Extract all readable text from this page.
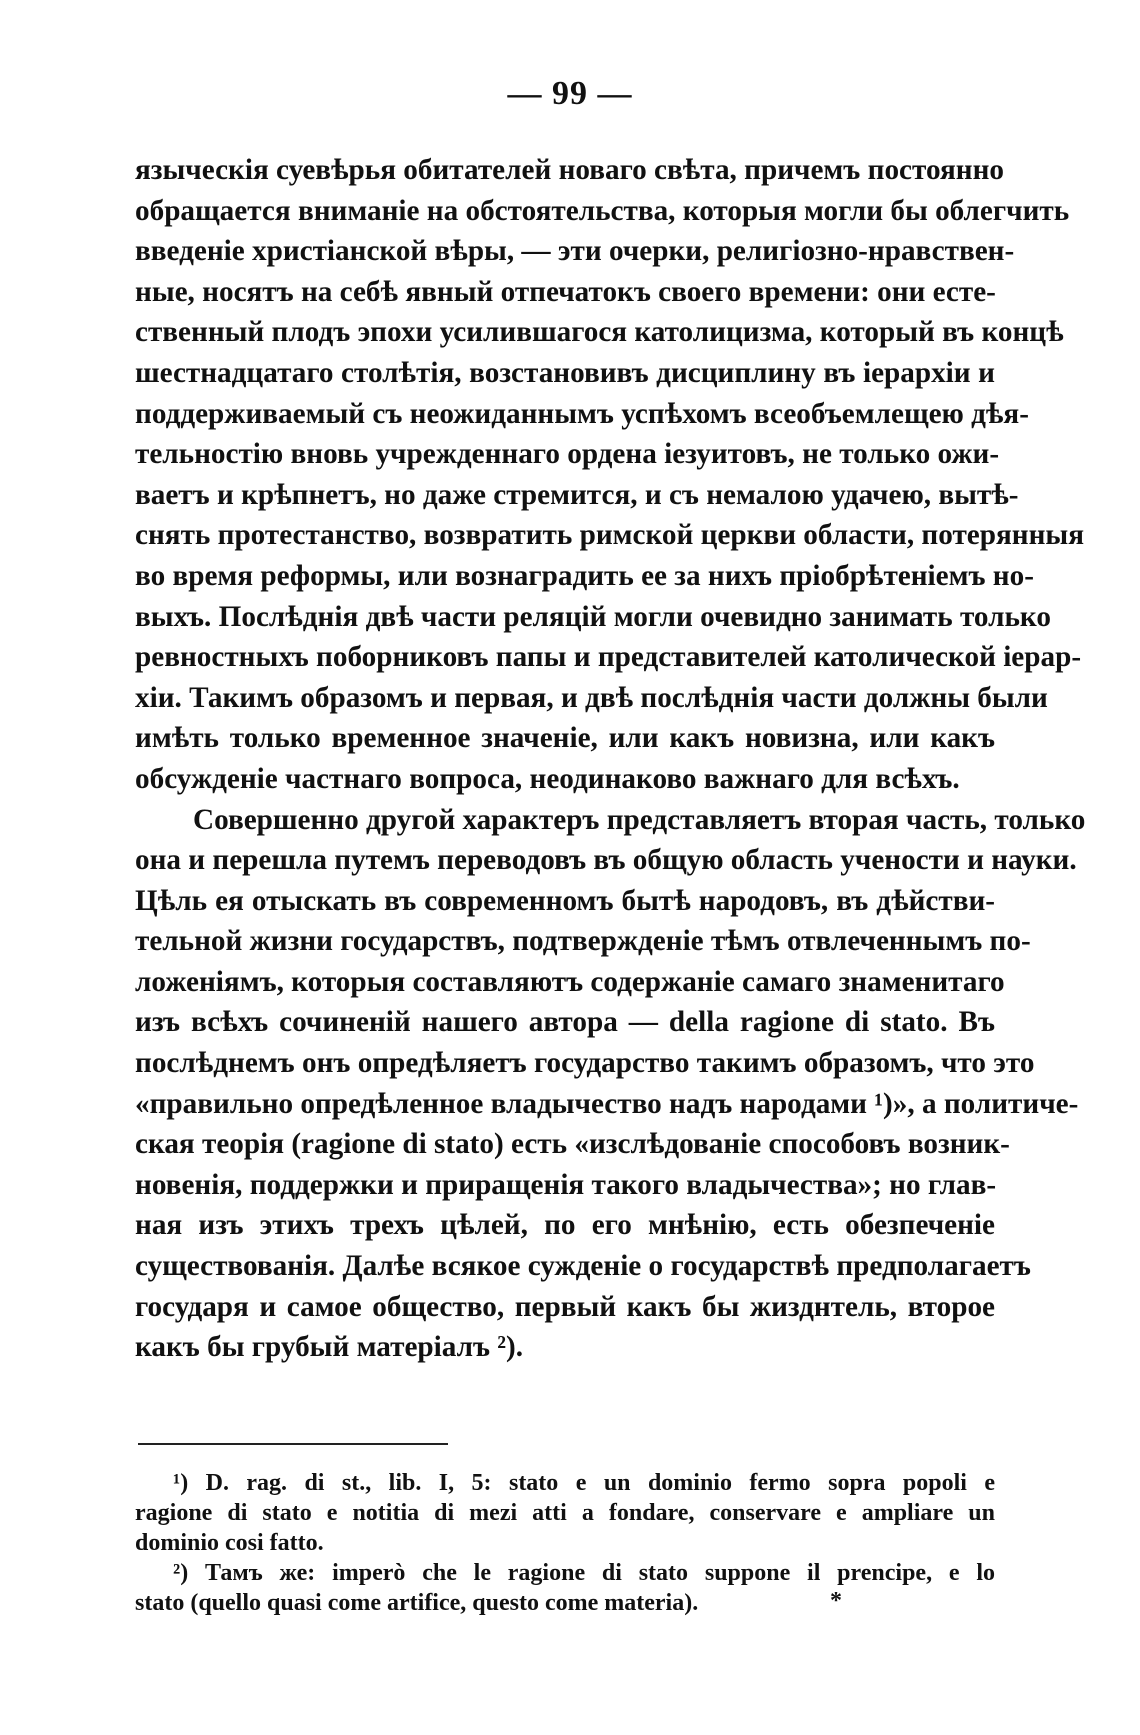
— 99 —
языческія суевѣрья обитателей новаго свѣта, причемъ постоянно
обращается вниманіе на обстоятельства, которыя могли бы облегчить
введеніе христіанской вѣры, — эти очерки, религіозно-нравствен-
ные, носятъ на себѣ явный отпечатокъ своего времени: они есте-
ственный плодъ эпохи усилившагося католицизма, который въ концѣ
шестнадцатаго столѣтія, возстановивъ дисциплину въ іерархіи и
поддерживаемый съ неожиданнымъ успѣхомъ всеобъемлещею дѣя-
тельностію вновь учрежденнаго ордена іезуитовъ, не только ожи-
ваетъ и крѣпнетъ, но даже стремится, и съ немалою удачею, вытѣ-
снять протестанство, возвратить римской церкви области, потерянныя
во время реформы, или вознаградить ее за нихъ пріобрѣтеніемъ но-
выхъ. Послѣднія двѣ части реляцій могли очевидно занимать только
ревностныхъ поборниковъ папы и представителей католической іерар-
хіи. Такимъ образомъ и первая, и двѣ послѣднія части должны были
имѣть только временное значеніе, или какъ новизна, или какъ
обсужденіе частнаго вопроса, неодинаково важнаго для всѣхъ.
Совершенно другой характеръ представляетъ вторая часть, только
она и перешла путемъ переводовъ въ общую область учености и науки.
Цѣль ея отыскать въ современномъ бытѣ народовъ, въ дѣйстви-
тельной жизни государствъ, подтвержденіе тѣмъ отвлеченнымъ по-
ложеніямъ, которыя составляютъ содержаніе самаго знаменитаго
изъ всѣхъ сочиненій нашего автора — della ragione di stato. Въ
послѣднемъ онъ опредѣляетъ государство такимъ образомъ, что это
«правильно опредѣленное владычество надъ народами ¹)», а политиче-
ская теорія (ragione di stato) есть «изслѣдованіе способовъ возник-
новенія, поддержки и приращенія такого владычества»; но глав-
ная изъ этихъ трехъ цѣлей, по его мнѣнію, есть обезпеченіе
существованія. Далѣе всякое сужденіе о государствѣ предполагаетъ
государя и самое общество, первый какъ бы жизднтель, второе
какъ бы грубый матеріалъ ²).
¹) D. rag. di st., lib. I, 5: stato e un dominio fermo sopra popoli e
ragione di stato e notitia di mezi atti a fondare, conservare e ampliare un
dominio cosi fatto.
²) Тамъ же: imperò che le ragione di stato suppone il prencipe, e lo
stato (quello quasi come artifice, questo come materia).	*
